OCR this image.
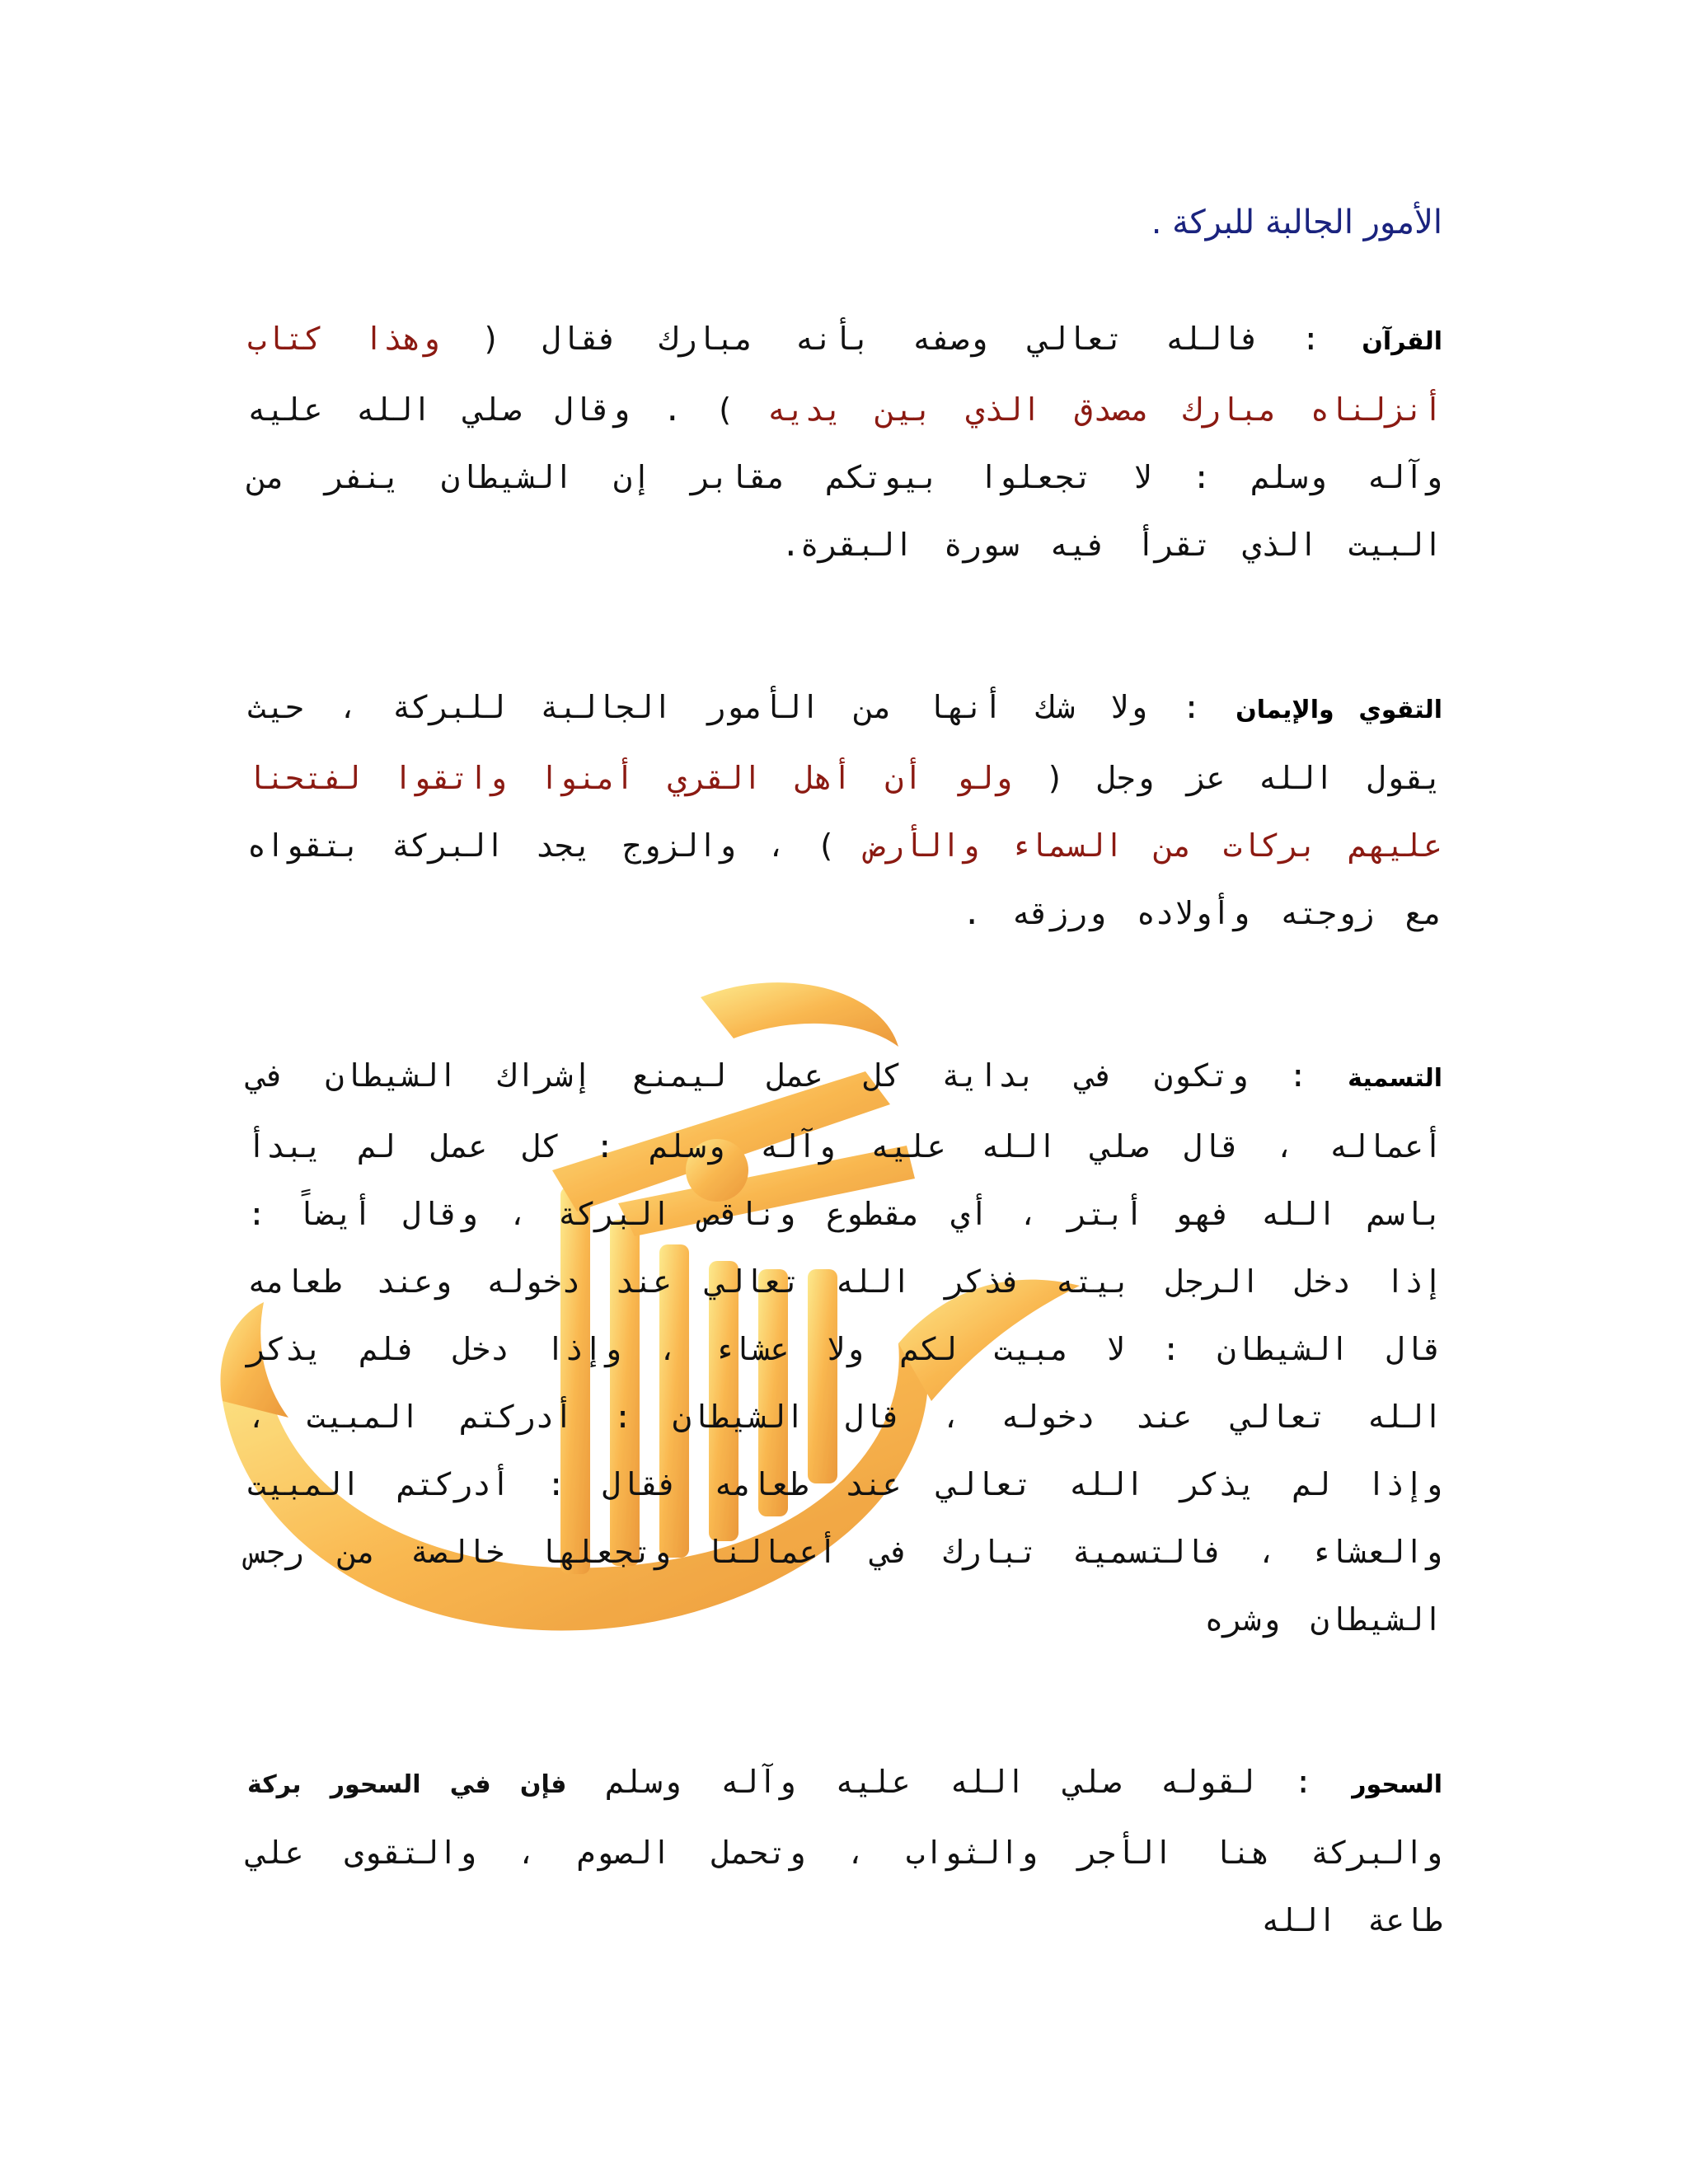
الأمور الجالبة للبركة .

القرآن : فالله تعالي وصفه بأنه مبارك فقال ( وهذا كتاب أنزلناه مبارك مصدق الذي بين يديه ) . وقال صلي الله عليه وآله وسلم : لا تجعلوا بيوتكم مقابر إن الشيطان ينفر من البيت الذي تقرأ فيه سورة البقرة.

التقوي والإيمان : ولا شك أنها من الأمور الجالبة للبركة ، حيث يقول الله عز وجل ( ولو أن أهل القري أمنوا واتقوا لفتحنا عليهم بركات من السماء والأرض ) ، والزوج يجد البركة بتقواه مع زوجته وأولاده ورزقه .

التسمية : وتكون في بداية كل عمل ليمنع إشراك الشيطان في أعماله ، قال صلي الله عليه وآله وسلم : كل عمل لم يبدأ باسم الله فهو أبتر ، أي مقطوع وناقص البركة ، وقال أيضاً : إذا دخل الرجل بيته فذكر الله تعالي عند دخوله وعند طعامه قال الشيطان : لا مبيت لكم ولا عشاء ، وإذا دخل فلم يذكر الله تعالي عند دخوله ، قال الشيطان : أدركتم المبيت ، وإذا لم يذكر الله تعالي عند طعامه فقال : أدركتم المبيت والعشاء ، فالتسمية تبارك في أعمالنا وتجعلها خالصة من رجس الشيطان وشره

السحور : لقوله صلي الله عليه وآله وسلم فإن في السحور بركة والبركة هنا الأجر والثواب ، وتحمل الصوم ، والتقوى علي طاعة الله
